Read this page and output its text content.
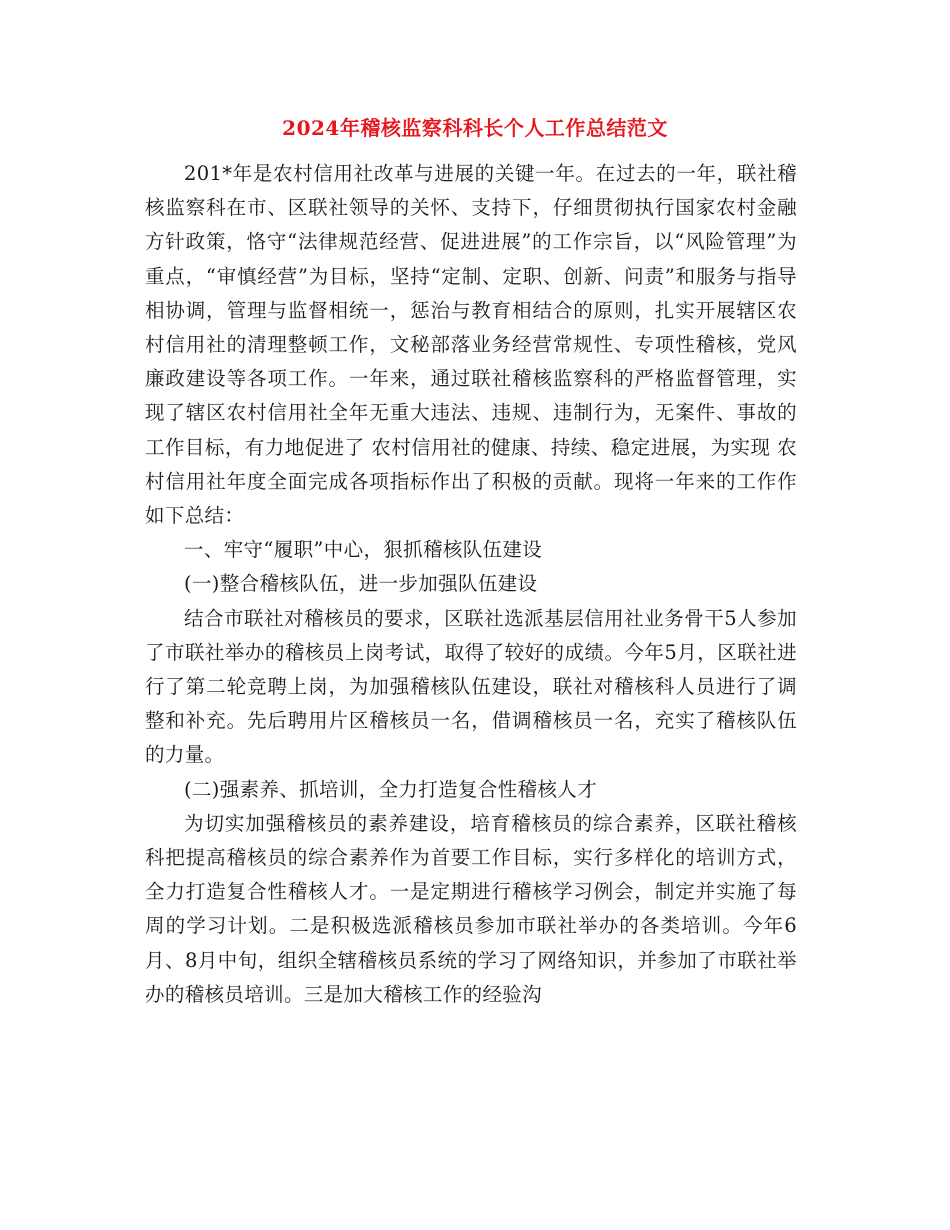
2024年稽核监察科科长个人工作总结范文

201*年是农村信用社改革与进展的关键一年。在过去的一年，联社稽核监察科在市、区联社领导的关怀、支持下，仔细贯彻执行国家农村金融方针政策，恪守“法律规范经营、促进进展”的工作宗旨，以“风险管理”为重点，“审慎经营”为目标，坚持“定制、定职、创新、问责”和服务与指导相协调，管理与监督相统一，惩治与教育相结合的原则，扎实开展辖区农村信用社的清理整顿工作，文秘部落业务经营常规性、专项性稽核，党风廉政建设等各项工作。一年来，通过联社稽核监察科的严格监督管理，实现了辖区农村信用社全年无重大违法、违规、违制行为，无案件、事故的工作目标，有力地促进了 农村信用社的健康、持续、稳定进展，为实现 农村信用社年度全面完成各项指标作出了积极的贡献。现将一年来的工作作如下总结：

一、牢守“履职”中心，狠抓稽核队伍建设

(一)整合稽核队伍，进一步加强队伍建设

结合市联社对稽核员的要求，区联社选派基层信用社业务骨干5人参加了市联社举办的稽核员上岗考试，取得了较好的成绩。今年5月，区联社进行了第二轮竞聘上岗，为加强稽核队伍建设，联社对稽核科人员进行了调整和补充。先后聘用片区稽核员一名，借调稽核员一名，充实了稽核队伍的力量。

(二)强素养、抓培训，全力打造复合性稽核人才

为切实加强稽核员的素养建设，培育稽核员的综合素养，区联社稽核科把提高稽核员的综合素养作为首要工作目标，实行多样化的培训方式，全力打造复合性稽核人才。一是定期进行稽核学习例会，制定并实施了每周的学习计划。二是积极选派稽核员参加市联社举办的各类培训。今年6月、8月中旬，组织全辖稽核员系统的学习了网络知识，并参加了市联社举办的稽核员培训。三是加大稽核工作的经验沟
